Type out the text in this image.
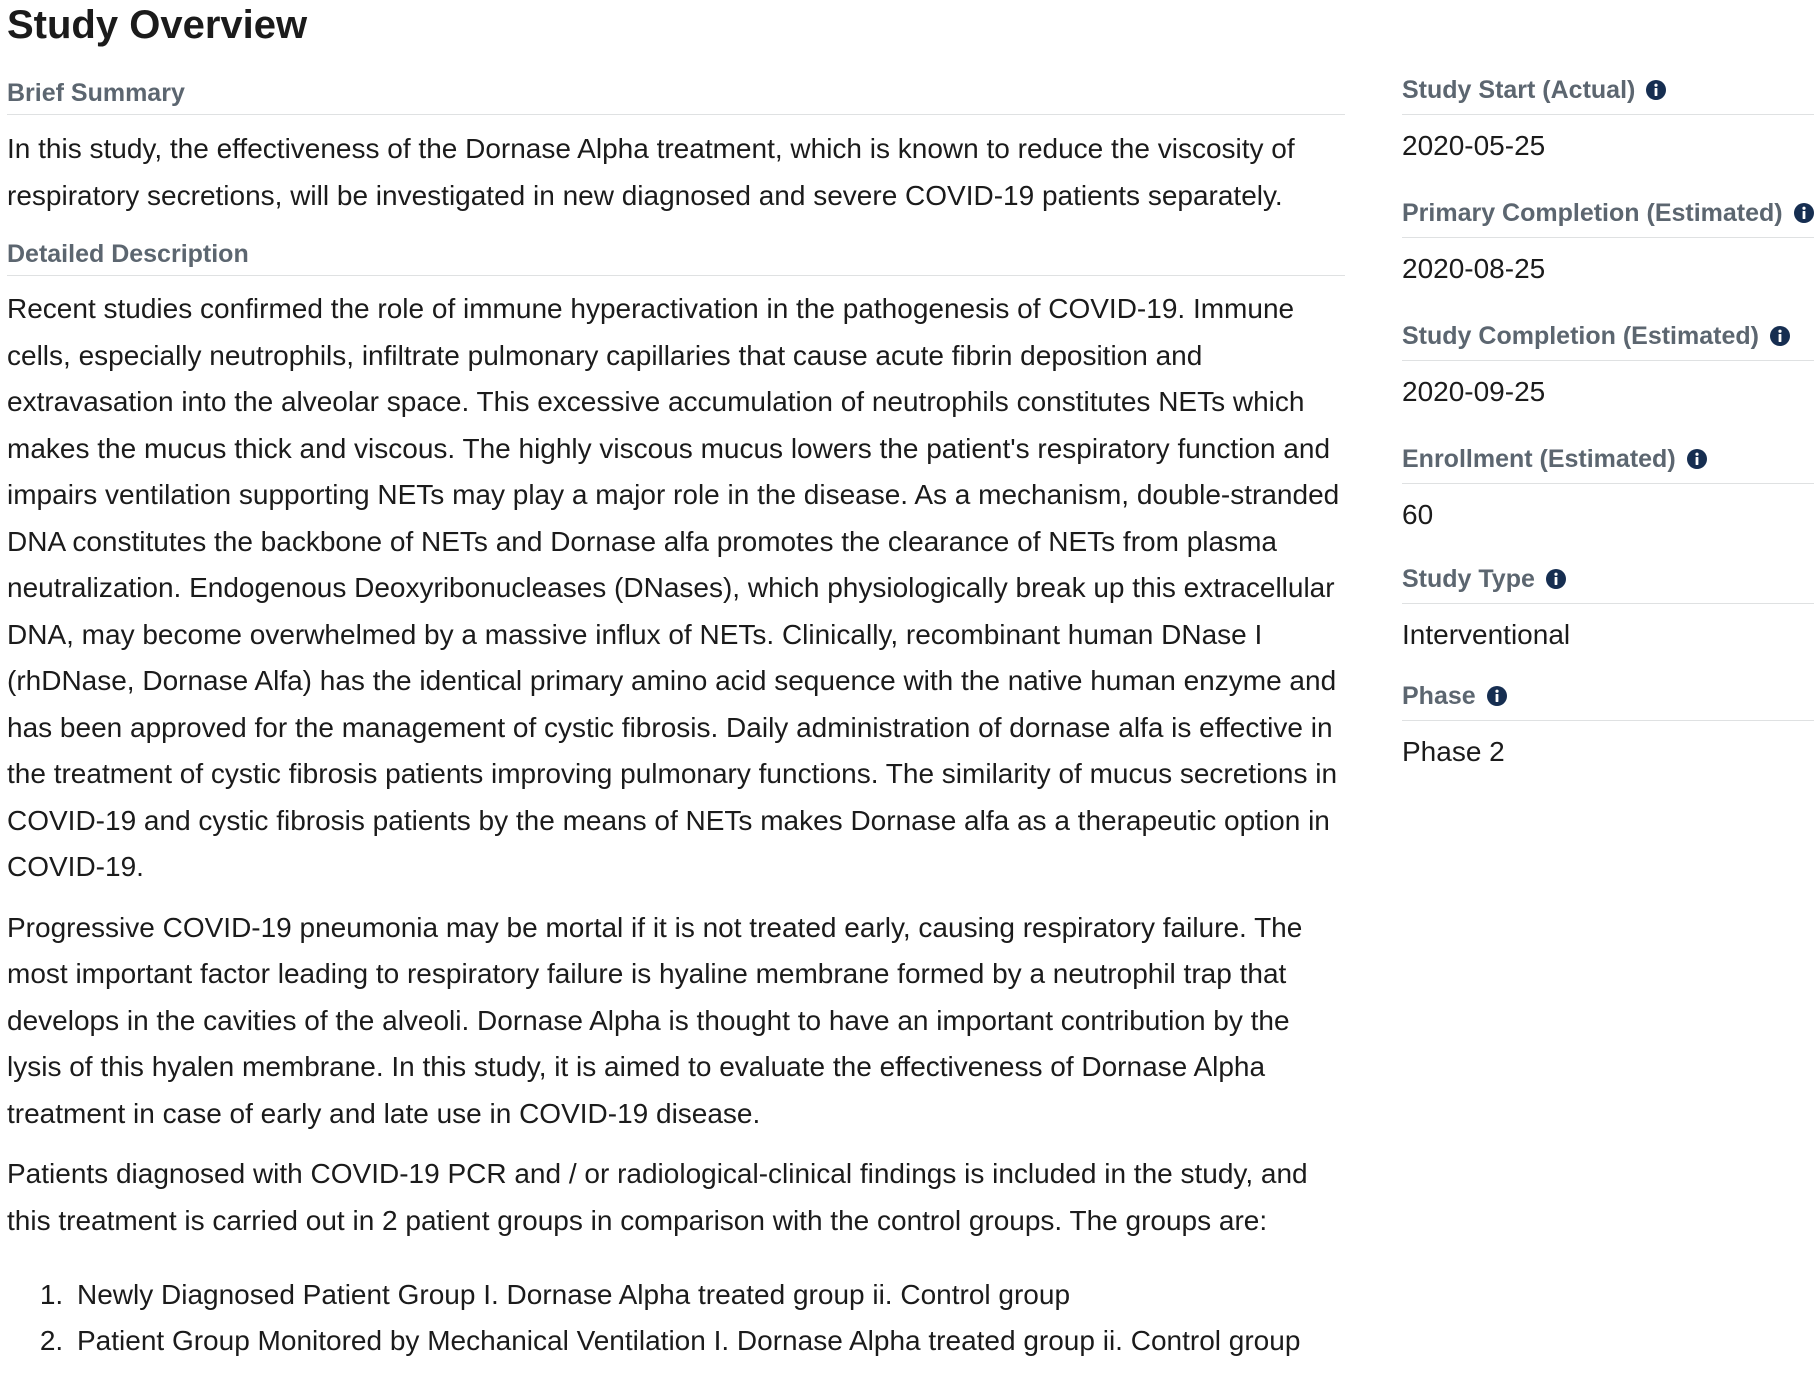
Study Overview
Brief Summary

In this study, the effectiveness of the Dornase Alpha treatment, which is known to reduce the viscosity of respiratory secretions, will be investigated in new diagnosed and severe COVID-19 patients separately.

Detailed Description

Recent studies confirmed the role of immune hyperactivation in the pathogenesis of COVID-19. Immune cells, especially neutrophils, infiltrate pulmonary capillaries that cause acute fibrin deposition and extravasation into the alveolar space. This excessive accumulation of neutrophils constitutes NETs which makes the mucus thick and viscous. The highly viscous mucus lowers the patient's respiratory function and impairs ventilation supporting NETs may play a major role in the disease. As a mechanism, double-stranded DNA constitutes the backbone of NETs and Dornase alfa promotes the clearance of NETs from plasma neutralization. Endogenous Deoxyribonucleases (DNases), which physiologically break up this extracellular DNA, may become overwhelmed by a massive influx of NETs. Clinically, recombinant human DNase I (rhDNase, Dornase Alfa) has the identical primary amino acid sequence with the native human enzyme and has been approved for the management of cystic fibrosis. Daily administration of dornase alfa is effective in the treatment of cystic fibrosis patients improving pulmonary functions. The similarity of mucus secretions in COVID-19 and cystic fibrosis patients by the means of NETs makes Dornase alfa as a therapeutic option in COVID-19.

Progressive COVID-19 pneumonia may be mortal if it is not treated early, causing respiratory failure. The most important factor leading to respiratory failure is hyaline membrane formed by a neutrophil trap that develops in the cavities of the alveoli. Dornase Alpha is thought to have an important contribution by the lysis of this hyalen membrane. In this study, it is aimed to evaluate the effectiveness of Dornase Alpha treatment in case of early and late use in COVID-19 disease.

Patients diagnosed with COVID-19 PCR and / or radiological-clinical findings is included in the study, and this treatment is carried out in 2 patient groups in comparison with the control groups. The groups are:

1. Newly Diagnosed Patient Group I. Dornase Alpha treated group ii. Control group
2. Patient Group Monitored by Mechanical Ventilation I. Dornase Alpha treated group ii. Control group
Study Start (Actual)
2020-05-25
Primary Completion (Estimated)
2020-08-25
Study Completion (Estimated)
2020-09-25
Enrollment (Estimated)
60
Study Type
Interventional
Phase
Phase 2
